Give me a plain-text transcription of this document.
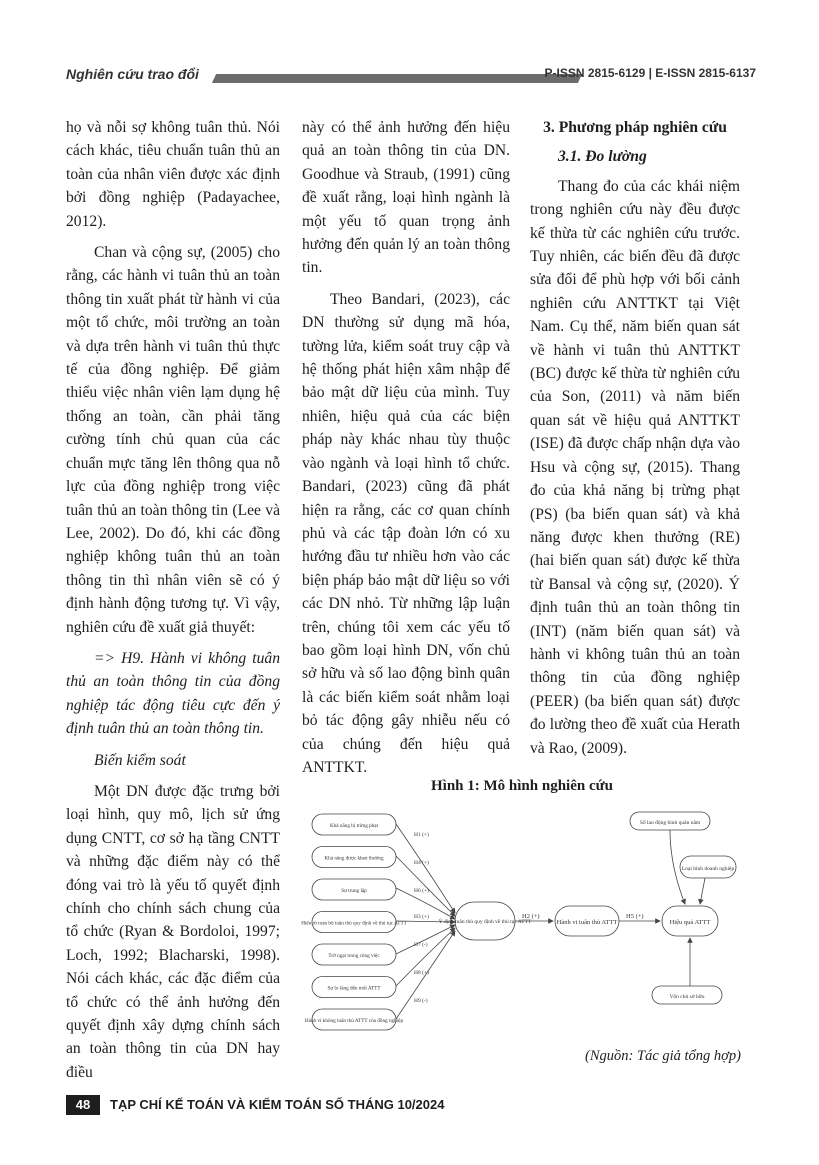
Nghiên cứu trao đổi	P-ISSN 2815-6129 | E-ISSN 2815-6137

họ và nỗi sợ không tuân thủ. Nói cách khác, tiêu chuẩn tuân thủ an toàn của nhân viên được xác định bởi đồng nghiệp (Padayachee, 2012).

Chan và cộng sự, (2005) cho rằng, các hành vi tuân thủ an toàn thông tin xuất phát từ hành vi của một tổ chức, môi trường an toàn và dựa trên hành vi tuân thủ thực tế của đồng nghiệp. Để giảm thiểu việc nhân viên lạm dụng hệ thống an toàn, cần phải tăng cường tính chủ quan của các chuẩn mực tăng lên thông qua nỗ lực của đồng nghiệp trong việc tuân thủ an toàn thông tin (Lee và Lee, 2002). Do đó, khi các đồng nghiệp không tuân thủ an toàn thông tin thì nhân viên sẽ có ý định hành động tương tự. Vì vậy, nghiên cứu đề xuất giả thuyết:

=> H9. Hành vi không tuân thủ an toàn thông tin của đồng nghiệp tác động tiêu cực đến ý định tuân thủ an toàn thông tin.

Biến kiểm soát

Một DN được đặc trưng bởi loại hình, quy mô, lịch sử ứng dụng CNTT, cơ sở hạ tầng CNTT và những đặc điểm này có thể đóng vai trò là yếu tố quyết định chính cho chính sách chung của tổ chức (Ryan & Bordoloi, 1997; Loch, 1992; Blacharski, 1998). Nói cách khác, các đặc điểm của tổ chức có thể ảnh hưởng đến quyết định xây dựng chính sách an toàn thông tin của DN hay điều

này có thể ảnh hưởng đến hiệu quả an toàn thông tin của DN. Goodhue và Straub, (1991) cũng đề xuất rằng, loại hình ngành là một yếu tố quan trọng ảnh hưởng đến quản lý an toàn thông tin.

Theo Bandari, (2023), các DN thường sử dụng mã hóa, tường lửa, kiểm soát truy cập và hệ thống phát hiện xâm nhập để bảo mật dữ liệu của mình. Tuy nhiên, hiệu quả của các biện pháp này khác nhau tùy thuộc vào ngành và loại hình tổ chức. Bandari, (2023) cũng đã phát hiện ra rằng, các cơ quan chính phủ và các tập đoàn lớn có xu hướng đầu tư nhiều hơn vào các biện pháp bảo mật dữ liệu so với các DN nhỏ. Từ những lập luận trên, chúng tôi xem các yếu tố bao gồm loại hình DN, vốn chủ sở hữu và số lao động bình quân là các biến kiểm soát nhằm loại bỏ tác động gây nhiễu nếu có của chúng đến hiệu quả ANTTKT.

3. Phương pháp nghiên cứu
3.1. Đo lường

Thang đo của các khái niệm trong nghiên cứu này đều được kế thừa từ các nghiên cứu trước. Tuy nhiên, các biến đều đã được sửa đổi để phù hợp với bối cảnh nghiên cứu ANTTKT tại Việt Nam. Cụ thể, năm biến quan sát về hành vi tuân thủ ANTTKT (BC) được kế thừa từ nghiên cứu của Son, (2011) và năm biến quan sát về hiệu quả ANTTKT (ISE) đã được chấp nhận dựa vào Hsu và cộng sự, (2015). Thang đo của khả năng bị trừng phạt (PS) (ba biến quan sát) và khả năng được khen thưởng (RE) (hai biến quan sát) được kế thừa từ Bansal và cộng sự, (2020). Ý định tuân thủ an toàn thông tin (INT) (năm biến quan sát) và hành vi không tuân thủ an toàn thông tin của đồng nghiệp (PEER) (ba biến quan sát) được đo lường theo đề xuất của Herath và Rao, (2009).

Hình 1: Mô hình nghiên cứu
Khả năng bị trừng phạt
H1 (+)
Khả năng được khen thưởng
H4 (+)
Sự trung lập	H6 (+)
Hiểu rõ toàn bộ tuân thủ quy định về thủ tục ATTT
H3 (+)
Trở ngại trong công việc
H7 (-)
Sự lo lắng đến mối ATTT
H8 (+)
Hành vi không tuân thủ ATTT của đồng nghiệp
H9 (-)
Ý định tuân thủ quy định về thủ tục ATTT
H2 (+)
Hành vi tuân thủ ATTT
H5 (+)
Hiệu quả ATTT
Số lao động bình quân năm
Loại hình doanh nghiệp
Vốn chủ sở hữu
(Nguồn: Tác giả tổng hợp)
48	TẠP CHÍ KẾ TOÁN VÀ KIỂM TOÁN SỐ THÁNG 10/2024
